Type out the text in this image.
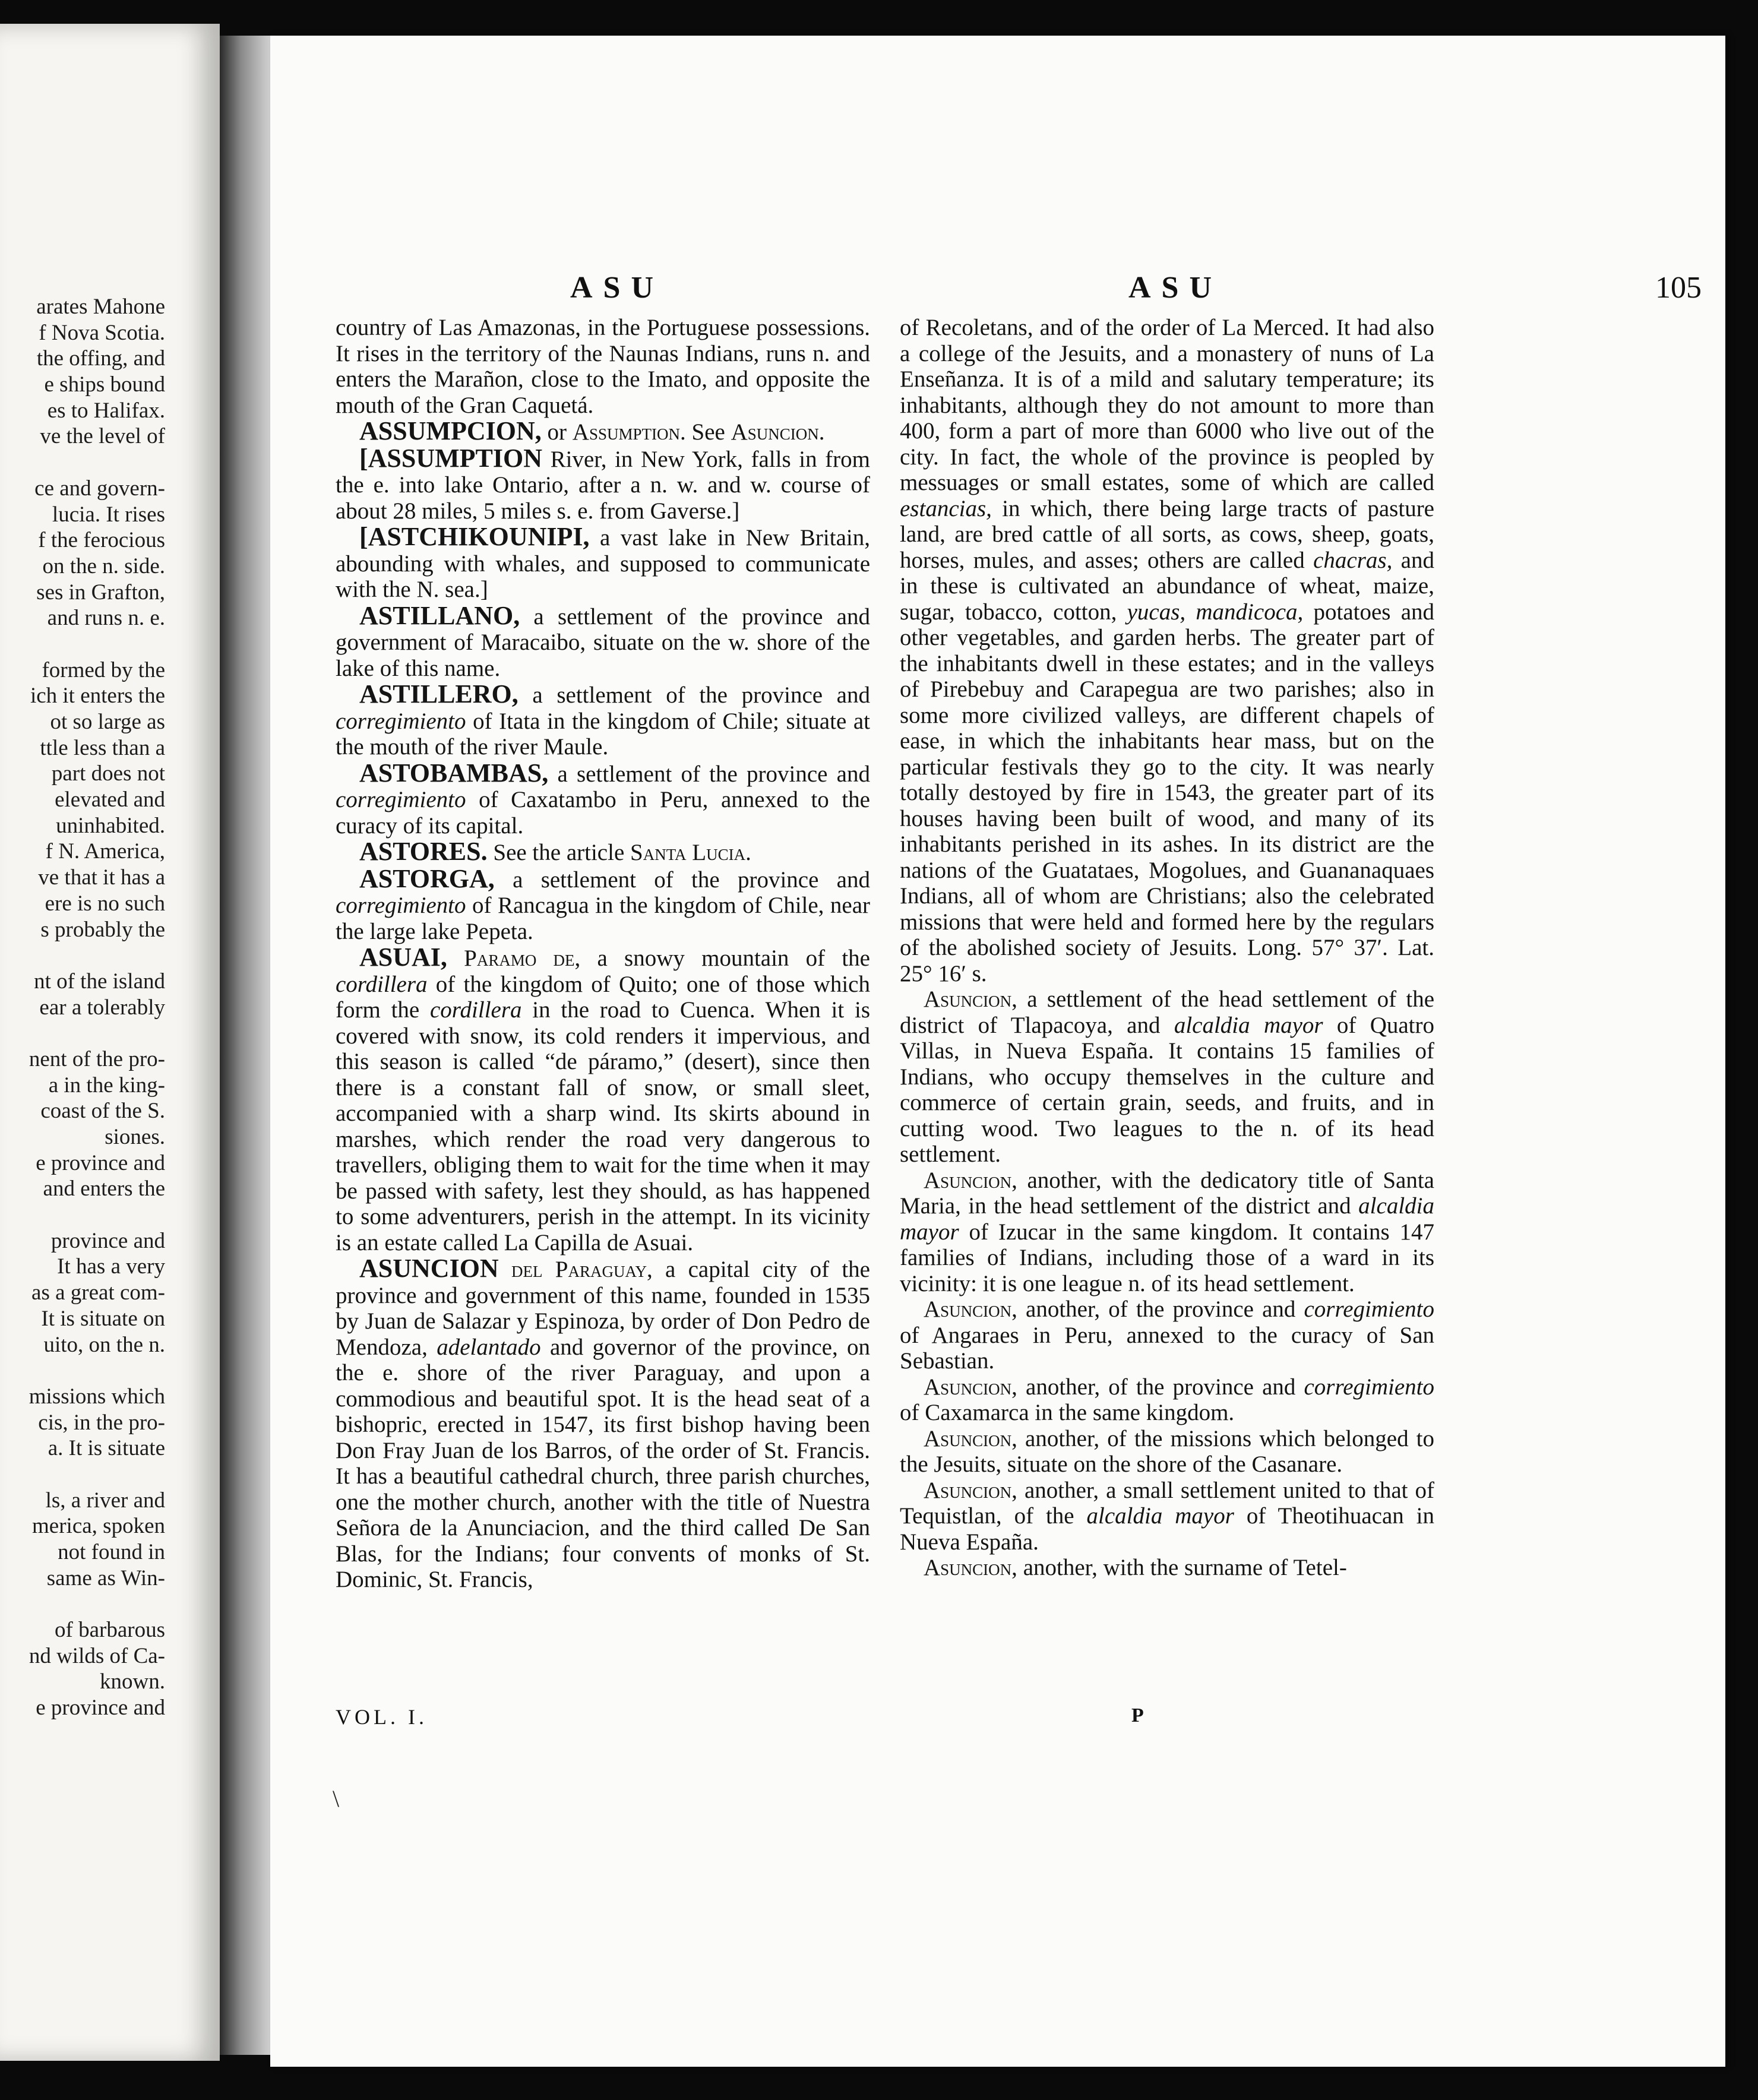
arates Mahone
f Nova Scotia.
the offing, and
e ships bound
es to Halifax.
ve the level of
ce and govern-
lucia. It rises
f the ferocious
on the n. side.
ses in Grafton,
and runs n. e.
formed by the
ich it enters the
ot so large as
ttle less than a
part does not
elevated and
uninhabited.
f N. America,
ve that it has a
ere is no such
s probably the
nt of the island
ear a tolerably
nent of the pro-
a in the king-
coast of the S.
siones.
e province and
and enters the
province and
It has a very
as a great com-
It is situate on
uito, on the n.
missions which
cis, in the pro-
a. It is situate
ls, a river and
merica, spoken
not found in
same as Win-
of barbarous
nd wilds of Ca-
known.
e province and
ASU	ASU	105

country of Las Amazonas, in the Portuguese possessions. It rises in the territory of the Naunas Indians, runs n. and enters the Marañon, close to the Imato, and opposite the mouth of the Gran Caquetá.

ASSUMPCION, or Assumption. See Asuncion.

[ASSUMPTION River, in New York, falls in from the e. into lake Ontario, after a n. w. and w. course of about 28 miles, 5 miles s. e. from Gaverse.]

[ASTCHIKOUNIPI, a vast lake in New Britain, abounding with whales, and supposed to communicate with the N. sea.]

ASTILLANO, a settlement of the province and government of Maracaibo, situate on the w. shore of the lake of this name.

ASTILLERO, a settlement of the province and corregimiento of Itata in the kingdom of Chile; situate at the mouth of the river Maule.

ASTOBAMBAS, a settlement of the province and corregimiento of Caxatambo in Peru, annexed to the curacy of its capital.

ASTORES. See the article Santa Lucia.

ASTORGA, a settlement of the province and corregimiento of Rancagua in the kingdom of Chile, near the large lake Pepeta.

ASUAI, Paramo de, a snowy mountain of the cordillera of the kingdom of Quito; one of those which form the cordillera in the road to Cuenca. When it is covered with snow, its cold renders it impervious, and this season is called “de páramo,” (desert), since then there is a constant fall of snow, or small sleet, accompanied with a sharp wind. Its skirts abound in marshes, which render the road very dangerous to travellers, obliging them to wait for the time when it may be passed with safety, lest they should, as has happened to some adventurers, perish in the attempt. In its vicinity is an estate called La Capilla de Asuai.

ASUNCION del Paraguay, a capital city of the province and government of this name, founded in 1535 by Juan de Salazar y Espinoza, by order of Don Pedro de Mendoza, adelantado and governor of the province, on the e. shore of the river Paraguay, and upon a commodious and beautiful spot. It is the head seat of a bishopric, erected in 1547, its first bishop having been Don Fray Juan de los Barros, of the order of St. Francis. It has a beautiful cathedral church, three parish churches, one the mother church, another with the title of Nuestra Señora de la Anunciacion, and the third called De San Blas, for the Indians; four convents of monks of St. Dominic, St. Francis,

of Recoletans, and of the order of La Merced. It had also a college of the Jesuits, and a monastery of nuns of La Enseñanza. It is of a mild and salutary temperature; its inhabitants, although they do not amount to more than 400, form a part of more than 6000 who live out of the city. In fact, the whole of the province is peopled by messuages or small estates, some of which are called estancias, in which, there being large tracts of pasture land, are bred cattle of all sorts, as cows, sheep, goats, horses, mules, and asses; others are called chacras, and in these is cultivated an abundance of wheat, maize, sugar, tobacco, cotton, yucas, mandicoca, potatoes and other vegetables, and garden herbs. The greater part of the inhabitants dwell in these estates; and in the valleys of Pirebebuy and Carapegua are two parishes; also in some more civilized valleys, are different chapels of ease, in which the inhabitants hear mass, but on the particular festivals they go to the city. It was nearly totally destoyed by fire in 1543, the greater part of its houses having been built of wood, and many of its inhabitants perished in its ashes. In its district are the nations of the Guatataes, Mogolues, and Guananaquaes Indians, all of whom are Christians; also the celebrated missions that were held and formed here by the regulars of the abolished society of Jesuits. Long. 57° 37′. Lat. 25° 16′ s.

Asuncion, a settlement of the head settlement of the district of Tlapacoya, and alcaldia mayor of Quatro Villas, in Nueva España. It contains 15 families of Indians, who occupy themselves in the culture and commerce of certain grain, seeds, and fruits, and in cutting wood. Two leagues to the n. of its head settlement.

Asuncion, another, with the dedicatory title of Santa Maria, in the head settlement of the district and alcaldia mayor of Izucar in the same kingdom. It contains 147 families of Indians, including those of a ward in its vicinity: it is one league n. of its head settlement.

Asuncion, another, of the province and corregimiento of Angaraes in Peru, annexed to the curacy of San Sebastian.

Asuncion, another, of the province and corregimiento of Caxamarca in the same kingdom.

Asuncion, another, of the missions which belonged to the Jesuits, situate on the shore of the Casanare.

Asuncion, another, a small settlement united to that of Tequistlan, of the alcaldia mayor of Theotihuacan in Nueva España.

Asuncion, another, with the surname of Tetel-

VOL. I.	P
\
